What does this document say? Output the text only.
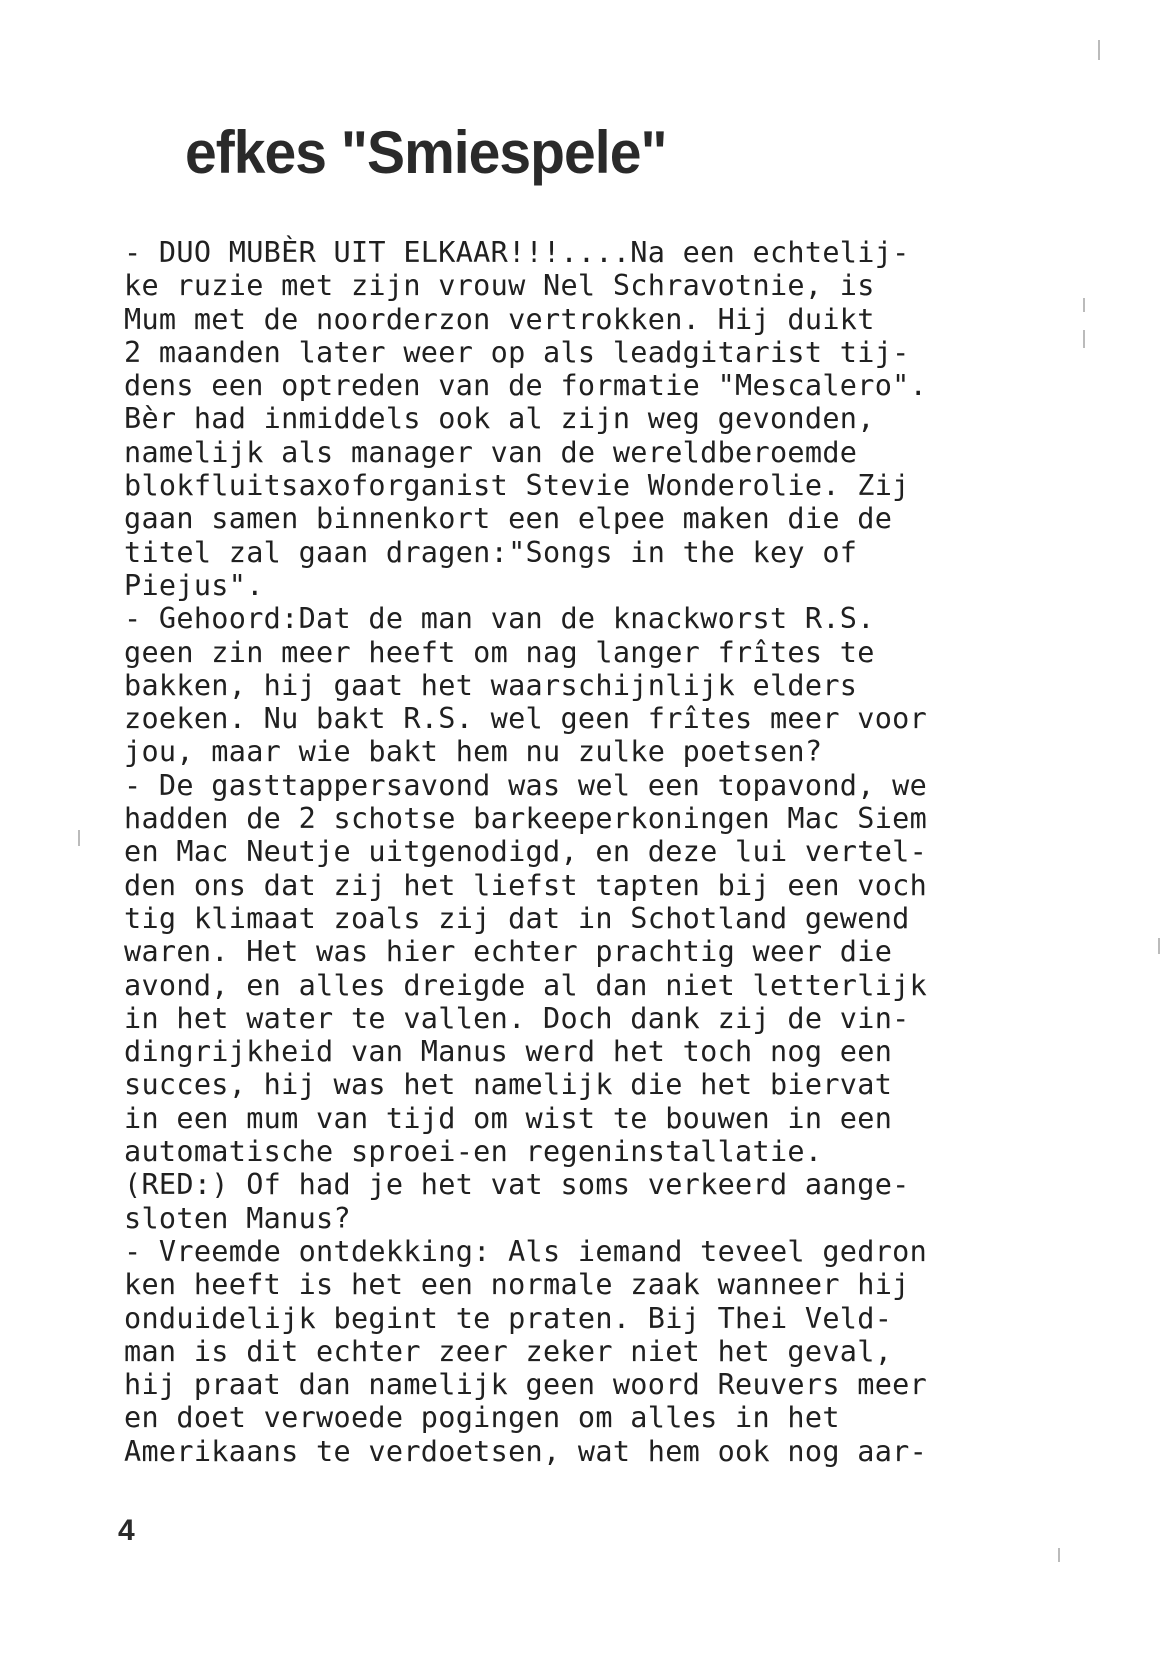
efkes "Smiespele"
- DUO MUBÈR UIT ELKAAR!!!....Na een echtelij-
ke ruzie met zijn vrouw Nel Schravotnie, is
Mum met de noorderzon vertrokken. Hij duikt
2 maanden later weer op als leadgitarist tij-
dens een optreden van de formatie "Mescalero".
Bèr had inmiddels ook al zijn weg gevonden,
namelijk als manager van de wereldberoemde
blokfluitsaxoforganist Stevie Wonderolie. Zij
gaan samen binnenkort een elpee maken die de
titel zal gaan dragen:"Songs in the key of
Piejus".
- Gehoord:Dat de man van de knackworst R.S.
geen zin meer heeft om nag langer frîtes te
bakken, hij gaat het waarschijnlijk elders
zoeken. Nu bakt R.S. wel geen frîtes meer voor
jou, maar wie bakt hem nu zulke poetsen?
- De gasttappersavond was wel een topavond, we
hadden de 2 schotse barkeeperkoningen Mac Siem
en Mac Neutje uitgenodigd, en deze lui vertel-
den ons dat zij het liefst tapten bij een voch
tig klimaat zoals zij dat in Schotland gewend
waren. Het was hier echter prachtig weer die
avond, en alles dreigde al dan niet letterlijk
in het water te vallen. Doch dank zij de vin-
dingrijkheid van Manus werd het toch nog een
succes, hij was het namelijk die het biervat
in een mum van tijd om wist te bouwen in een
automatische sproei-en regeninstallatie.
(RED:) Of had je het vat soms verkeerd aange-
sloten Manus?
- Vreemde ontdekking: Als iemand teveel gedron
ken heeft is het een normale zaak wanneer hij
onduidelijk begint te praten. Bij Thei Veld-
man is dit echter zeer zeker niet het geval,
hij praat dan namelijk geen woord Reuvers meer
en doet verwoede pogingen om alles in het
Amerikaans te verdoetsen, wat hem ook nog aar-
4
